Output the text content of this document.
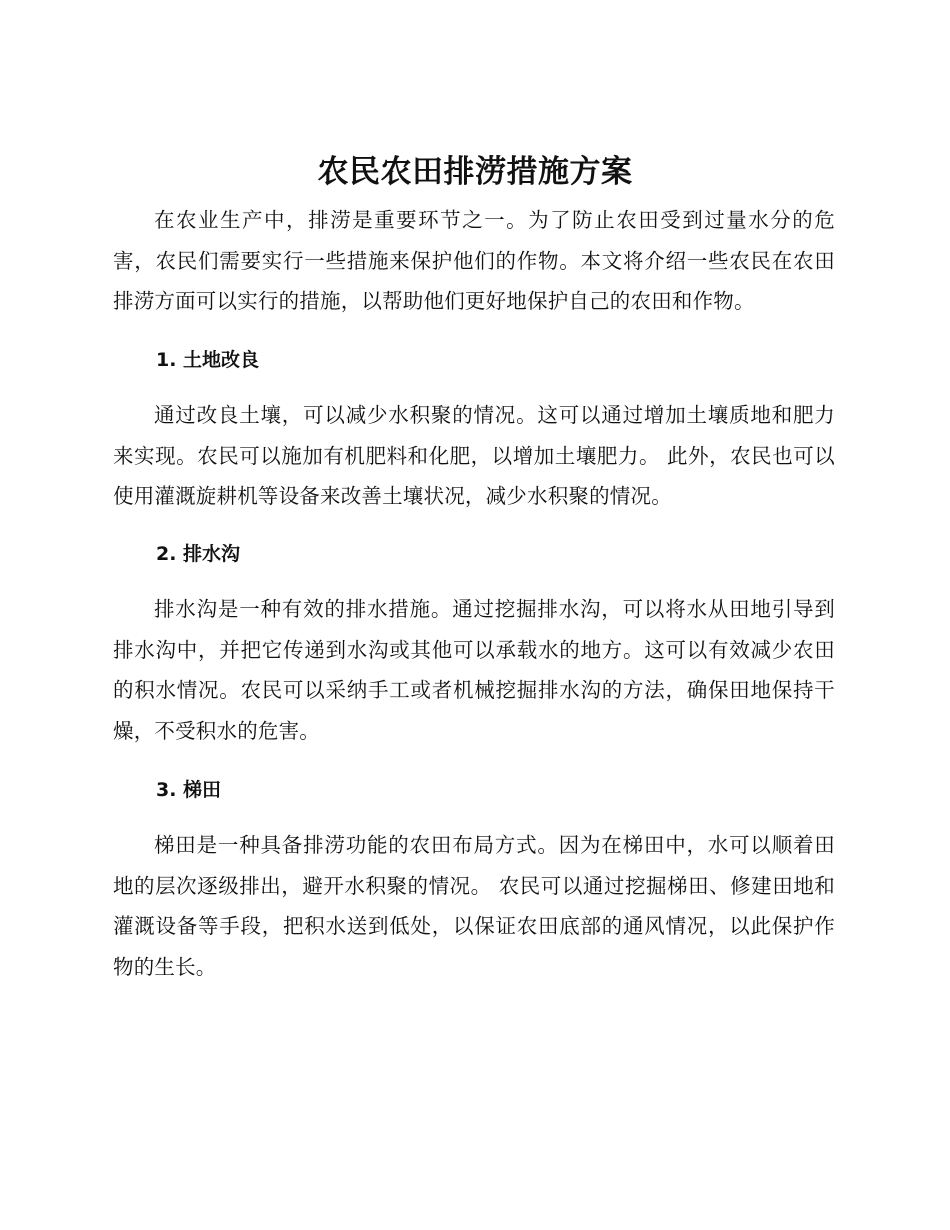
农民农田排涝措施方案

在农业生产中，排涝是重要环节之一。为了防止农田受到过量水分的危害，农民们需要实行一些措施来保护他们的作物。本文将介绍一些农民在农田排涝方面可以实行的措施，以帮助他们更好地保护自己的农田和作物。

1. 土地改良

通过改良土壤，可以减少水积聚的情况。这可以通过增加土壤质地和肥力来实现。农民可以施加有机肥料和化肥，以增加土壤肥力。 此外，农民也可以使用灌溉旋耕机等设备来改善土壤状况，减少水积聚的情况。

2. 排水沟

排水沟是一种有效的排水措施。通过挖掘排水沟，可以将水从田地引导到排水沟中，并把它传递到水沟或其他可以承载水的地方。这可以有效减少农田的积水情况。农民可以采纳手工或者机械挖掘排水沟的方法，确保田地保持干燥，不受积水的危害。

3. 梯田

梯田是一种具备排涝功能的农田布局方式。因为在梯田中，水可以顺着田地的层次逐级排出，避开水积聚的情况。 农民可以通过挖掘梯田、修建田地和灌溉设备等手段，把积水送到低处，以保证农田底部的通风情况，以此保护作物的生长。
